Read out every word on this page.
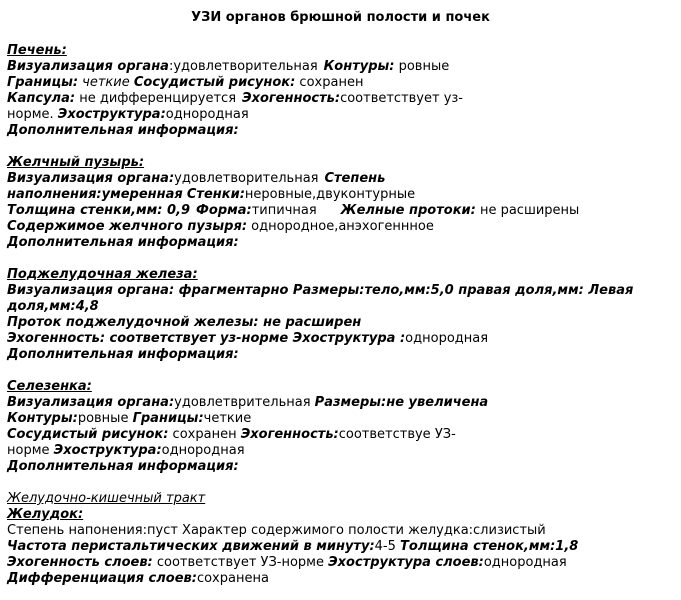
УЗИ органов брюшной полости и почек
Печень:
Визуализация органа:удовлетворительная Контуры: ровные
Границы: четкие Сосудистый рисунок: сохранен
Капсула: не дифференцируется Эхогенность:соответствует уз-
норме. Эхоструктура:однородная
Дополнительная информация:
Желчный пузырь:
Визуализация органа:удовлетворительная Степень
наполнения:умеренная Стенки:неровные,двуконтурные
Толщина стенки,мм: 0,9 Форма:типичная Желные протоки: не расширены
Содержимое желчного пузыря: однородное,анэхогеннное
Дополнительная информация:
Поджелудочная железа:
Визуализация органа: фрагментарно Размеры:тело,мм:5,0 правая доля,мм: Левая
доля,мм:4,8
Проток поджелудочной железы: не расширен
Эхогенность: соответствует уз-норме Эхоструктура :однородная
Дополнительная информация:
Селезенка:
Визуализация органа:удовлетврительная Размеры:не увеличена
Контуры:ровные Границы:четкие
Сосудистый рисунок: сохранен Эхогенность:соответствуе УЗ-
норме Эхоструктура:однородная
Дополнительная информация:
Желудочно-кишечный тракт
Желудок:
Степень напонения:пуст Характер содержимого полости желудка:слизистый
Частота перистальтических движений в минуту:4-5 Толщина стенок,мм:1,8
Эхогенность слоев: соответствует УЗ-норме Эхоструктура слоев:однородная
Дифференциация слоев:сохранена
